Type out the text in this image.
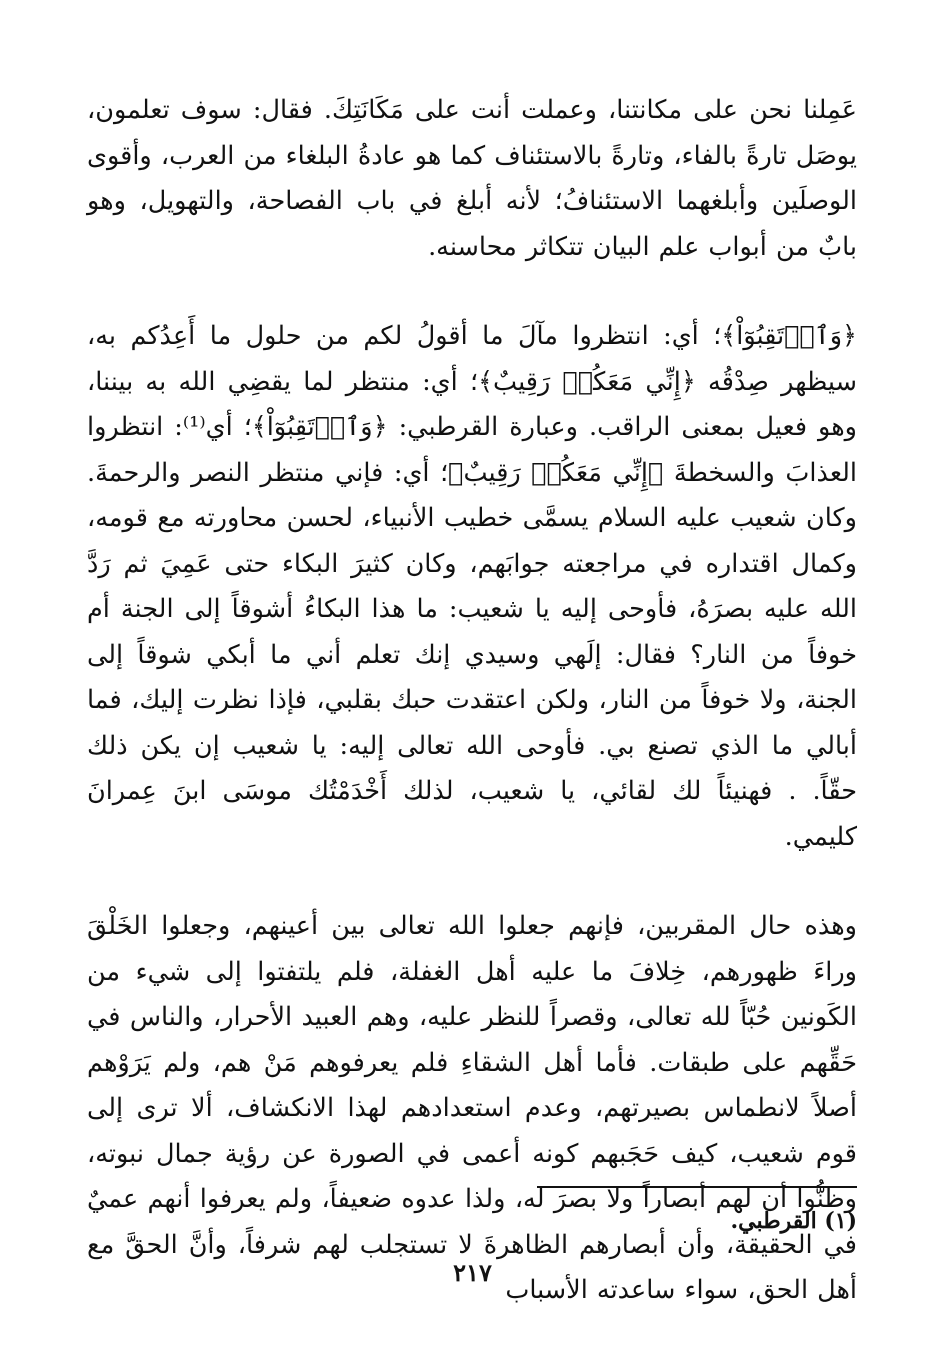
عَمِلنا نحن على مكانتنا، وعملت أنت على مَكَانَتِكَ. فقال: سوف تعلمون، يوصَل تارةً بالفاء، وتارةً بالاستئناف كما هو عادةُ البلغاء من العرب، وأقوى الوصلَين وأبلغهما الاستئنافُ؛ لأنه أبلغ في باب الفصاحة، والتهويل، وهو بابٌ من أبواب علم البيان تتكاثر محاسنه.

﴿وَٱرۡتَقِبُوٓاْ﴾؛ أي: انتظروا مآلَ ما أقولُ لكم من حلول ما أَعِدُكم به، سيظهر صِدْقُه ﴿إِنِّي مَعَكُمۡ رَقِيبٌ﴾؛ أي: منتظر لما يقضِي الله به بيننا، وهو فعيل بمعنى الراقب. وعبارة القرطبي: ﴿وَٱرۡتَقِبُوٓاْ﴾؛ أي⁽¹⁾: انتظروا العذابَ والسخطةَ ﴿إِنِّي مَعَكُمۡ رَقِيبٌ﴾؛ أي: فإني منتظر النصر والرحمةَ. وكان شعيب عليه السلام يسمَّى خطيب الأنبياء، لحسن محاورته مع قومه، وكمال اقتداره في مراجعته جوابَهم، وكان كثيرَ البكاء حتى عَمِيَ ثم رَدَّ الله عليه بصرَهُ، فأوحى إليه يا شعيب: ما هذا البكاءُ أشوقاً إلى الجنة أم خوفاً من النار؟ فقال: إلَهي وسيدي إنك تعلم أني ما أبكي شوقاً إلى الجنة، ولا خوفاً من النار، ولكن اعتقدت حبك بقلبي، فإذا نظرت إليك، فما أبالي ما الذي تصنع بي. فأوحى الله تعالى إليه: يا شعيب إن يكن ذلك حقّاً. . فهنيئاً لك لقائي، يا شعيب، لذلك أَخْدَمْتُك موسَى ابنَ عِمرانَ كليمي.

وهذه حال المقربين، فإنهم جعلوا الله تعالى بين أعينهم، وجعلوا الخَلْقَ وراءَ ظهورهم، خِلافَ ما عليه أهل الغفلة، فلم يلتفتوا إلى شيء من الكَونين حُبّاً لله تعالى، وقصراً للنظر عليه، وهم العبيد الأحرار، والناس في حَقِّهم على طبقات. فأما أهل الشقاءِ فلم يعرفوهم مَنْ هم، ولم يَرَوْهم أصلاً لانطماس بصيرتهم، وعدم استعدادهم لهذا الانكشاف، ألا ترى إلى قوم شعيب، كيف حَجَبهم كونه أعمى في الصورة عن رؤية جمال نبوته، وظنُّوا أن لهم أبصاراً ولا بصرَ له، ولذا عدوه ضعيفاً، ولم يعرفوا أنهم عميٌ في الحقيقة، وأن أبصارهم الظاهرةَ لا تستجلب لهم شرفاً، وأنَّ الحقَّ مع أهل الحق، سواء ساعدته الأسباب

(١) القرطبي.

٢١٧
